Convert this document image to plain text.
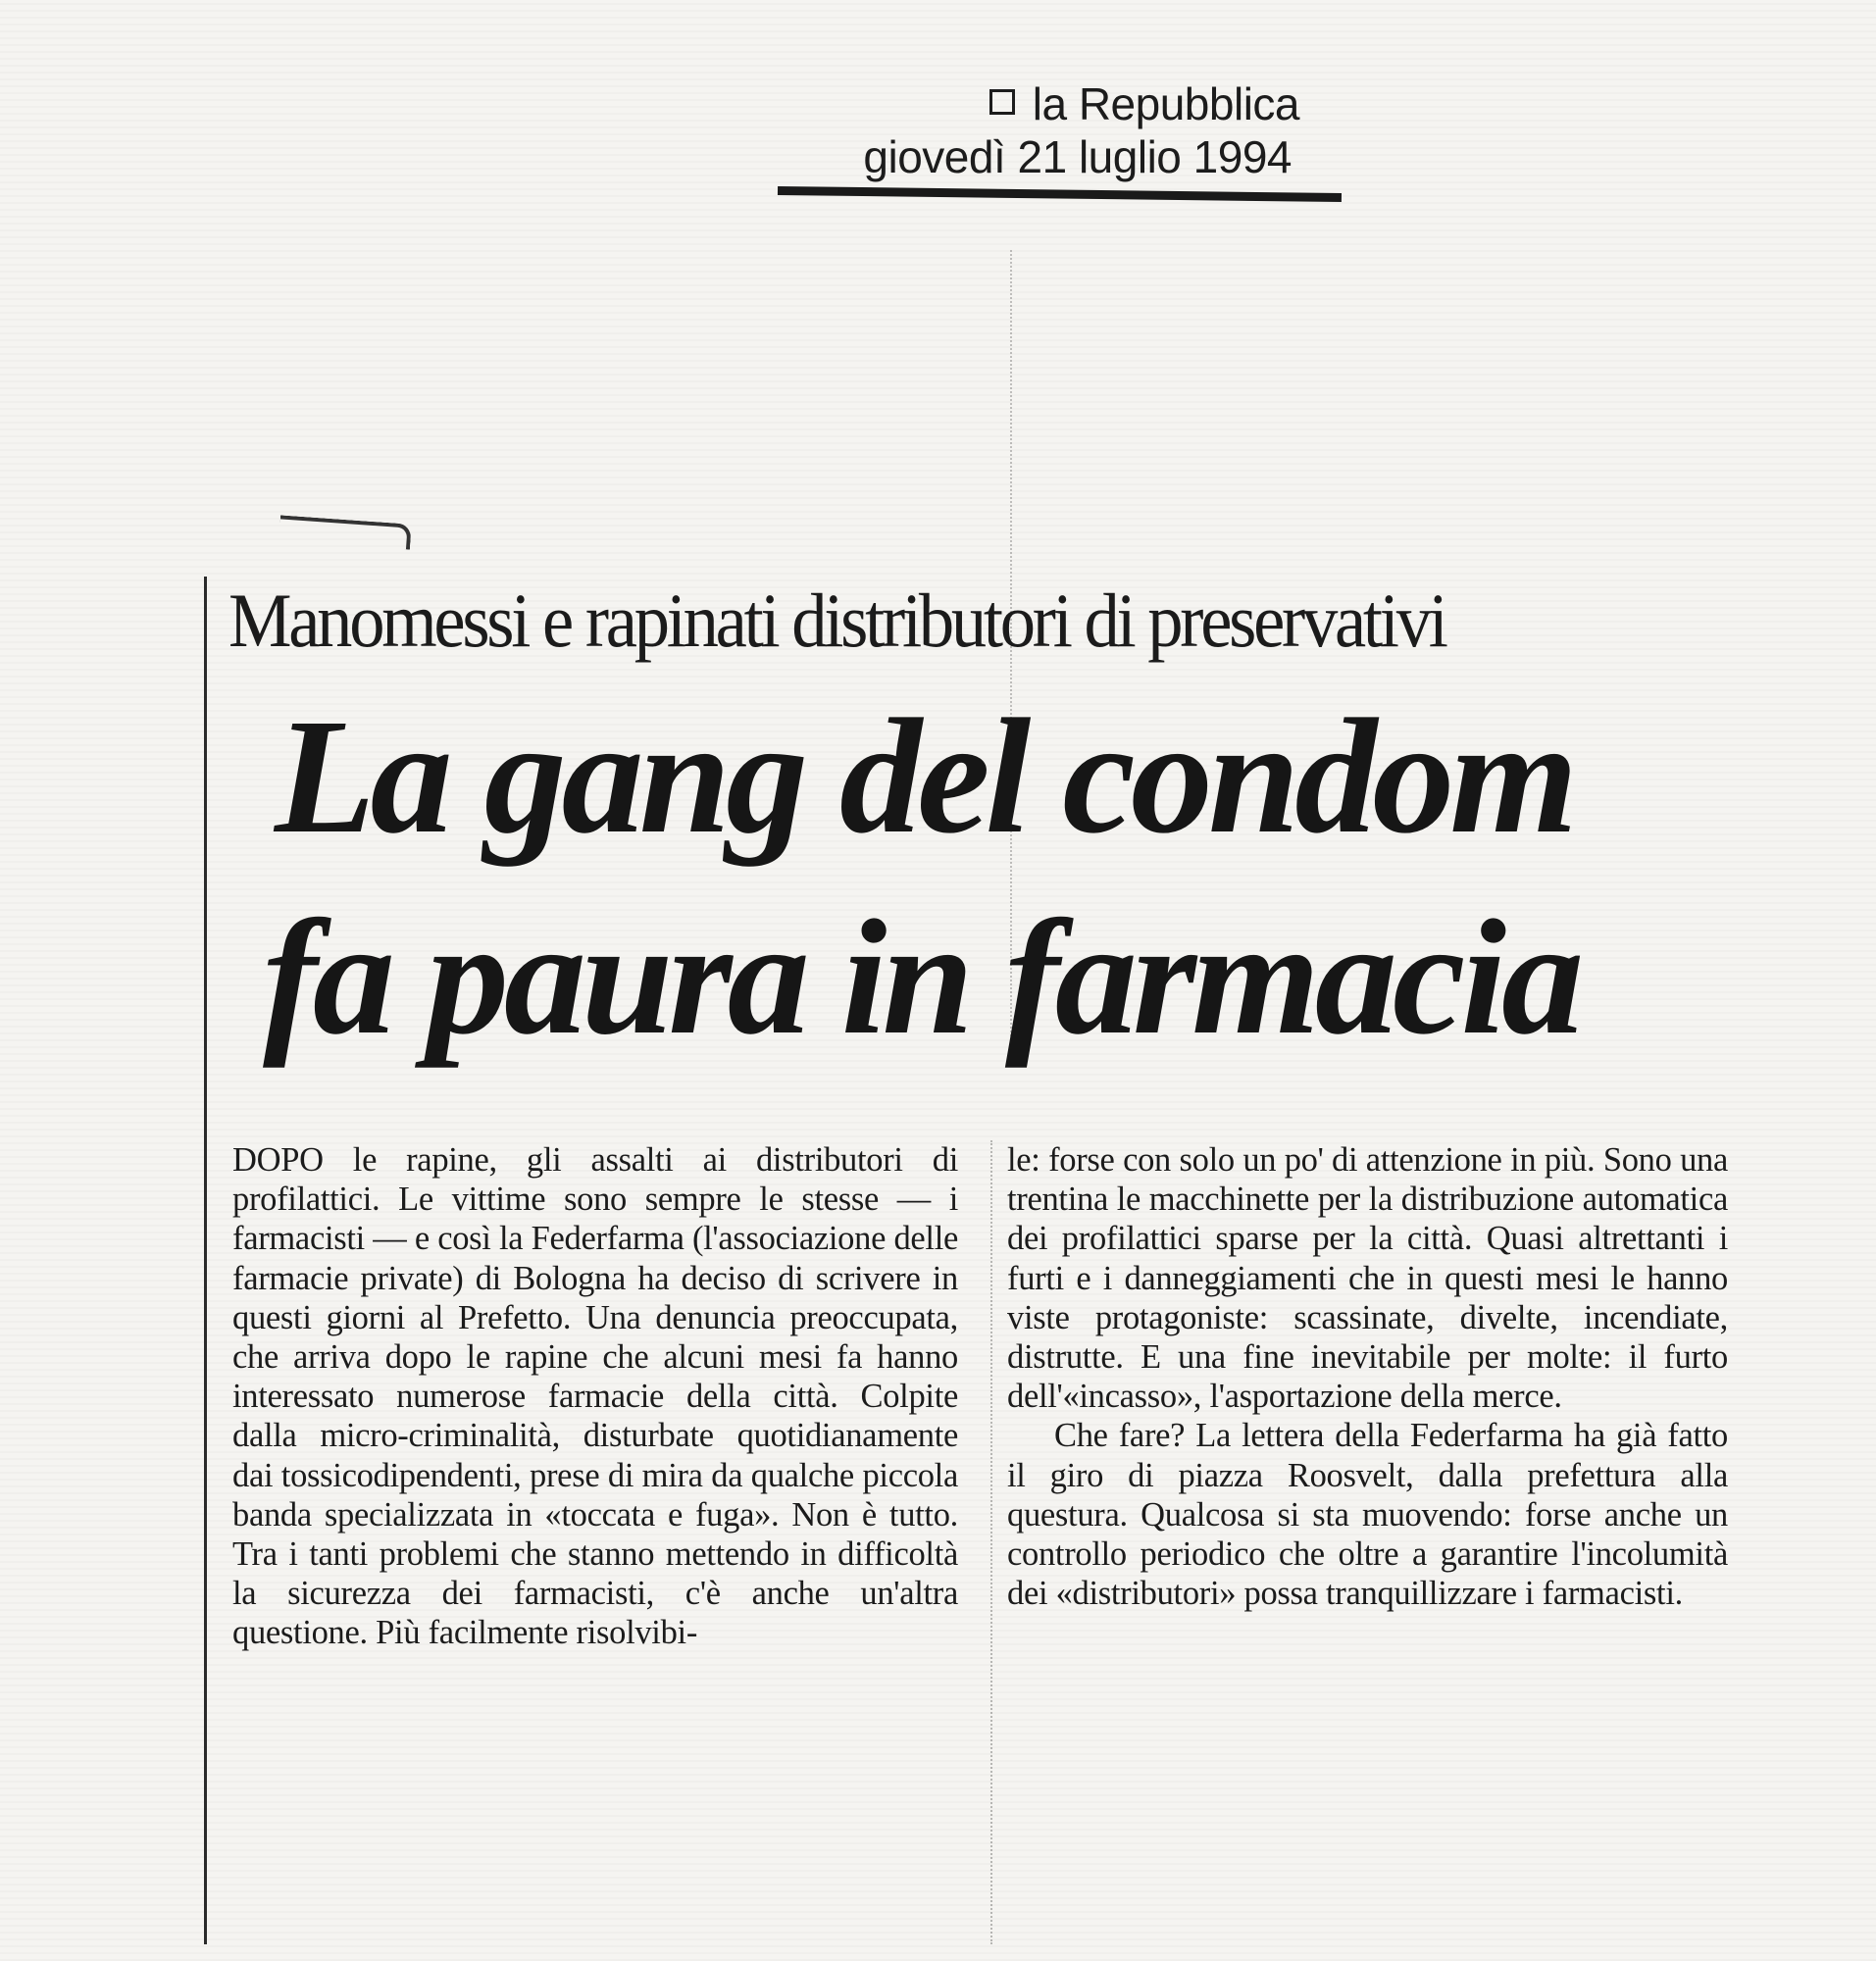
la Repubblica
giovedì 21 luglio 1994
Manomessi e rapinati distributori di preservativi
La gang del condom
fa paura in farmacia

DOPO le rapine, gli assalti ai distributori di profilattici. Le vittime sono sempre le stesse — i farmacisti — e così la Federfarma (l'associazione delle farmacie private) di Bologna ha deciso di scrivere in questi giorni al Prefetto. Una denuncia preoccupata, che arriva dopo le rapine che alcuni mesi fa hanno interessato numerose farmacie della città. Colpite dalla micro-criminalità, disturbate quotidianamente dai tossicodipendenti, prese di mira da qualche piccola banda specializzata in «toccata e fuga». Non è tutto. Tra i tanti problemi che stanno mettendo in difficoltà la sicurezza dei farmacisti, c'è anche un'altra questione. Più facilmente risolvibi-

le: forse con solo un po' di attenzione in più. Sono una trentina le macchinette per la distribuzione automatica dei profilattici sparse per la città. Quasi altrettanti i furti e i danneggiamenti che in questi mesi le hanno viste protagoniste: scassinate, divelte, incendiate, distrutte. E una fine inevitabile per molte: il furto dell'«incasso», l'asportazione della merce.

Che fare? La lettera della Federfarma ha già fatto il giro di piazza Roosvelt, dalla prefettura alla questura. Qualcosa si sta muovendo: forse anche un controllo periodico che oltre a garantire l'incolumità dei «distributori» possa tranquillizzare i farmacisti.
